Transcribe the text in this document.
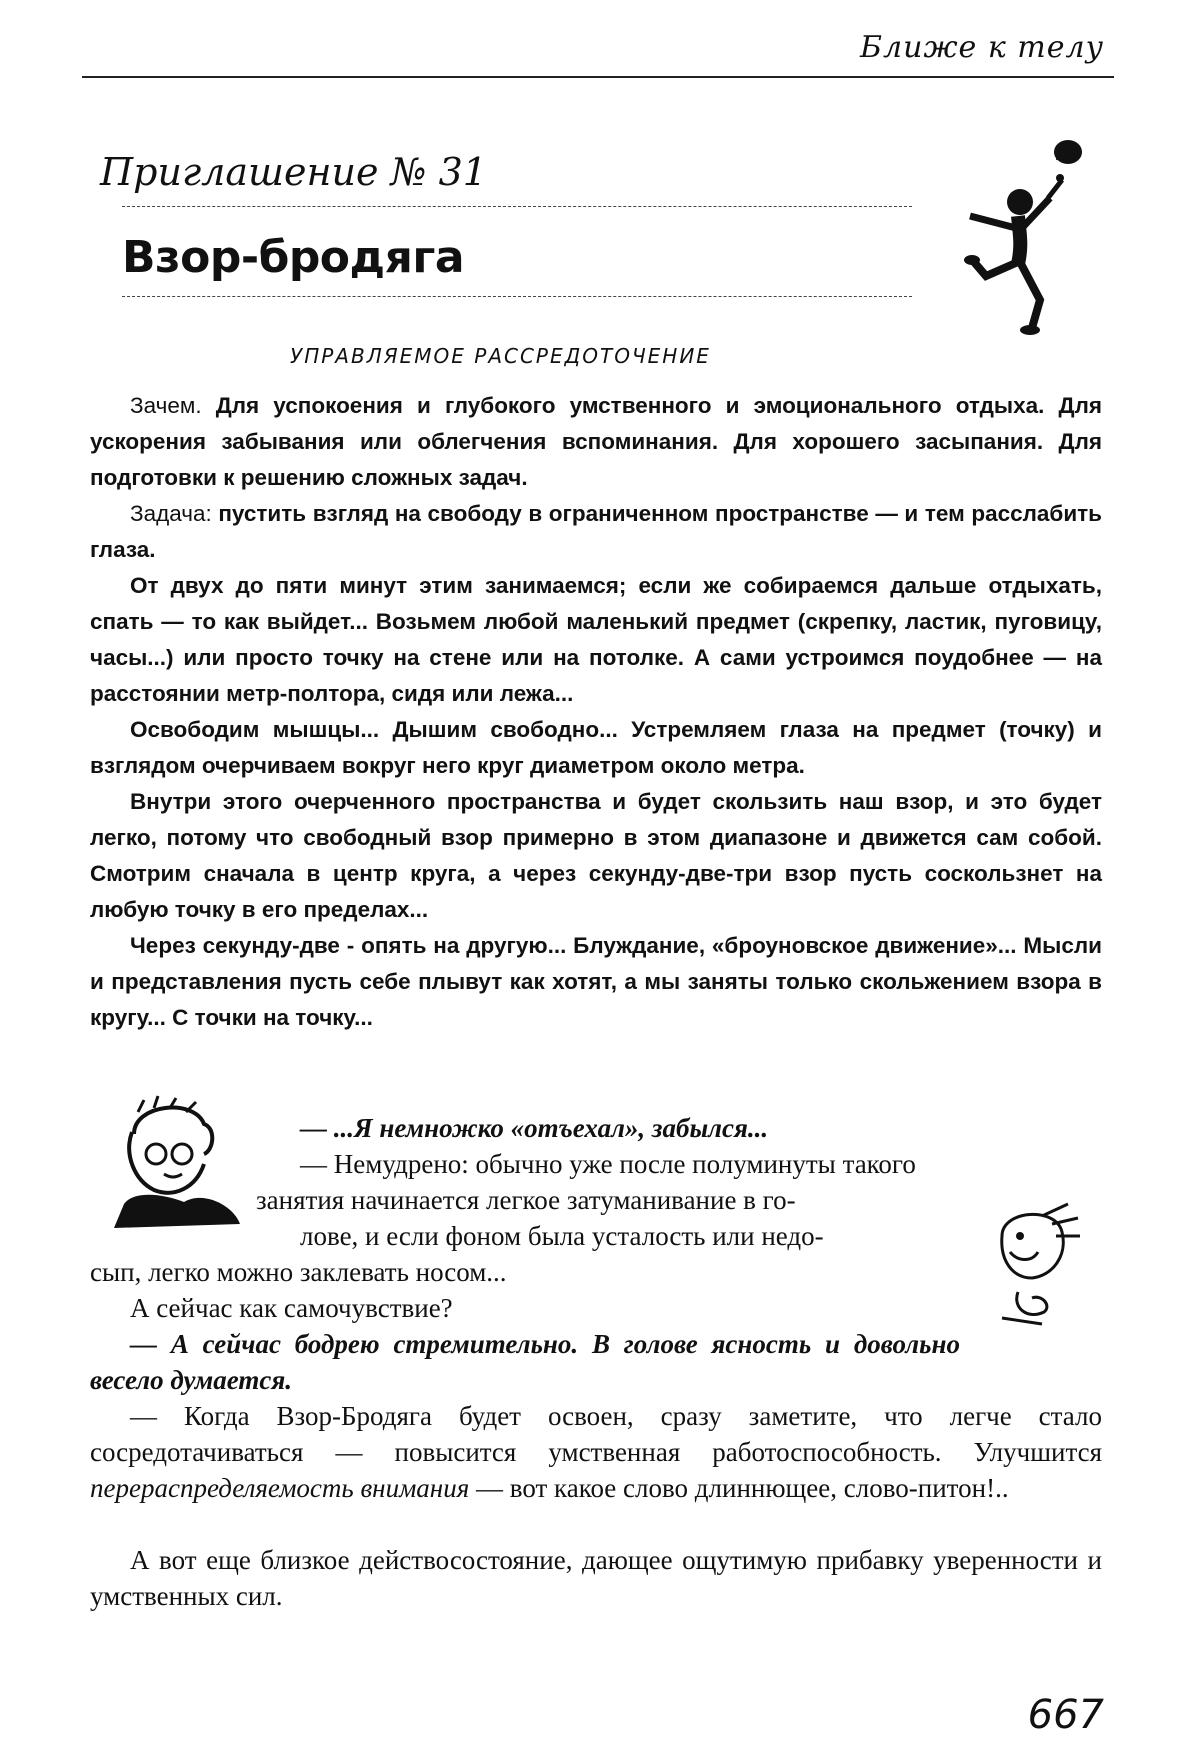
Ближе к телу
Приглашение № 31
Взор-бродяга
УПРАВЛЯЕМОЕ РАССРЕДОТОЧЕНИЕ

Зачем. Для успокоения и глубокого умственного и эмоционального отдыха. Для ускорения забывания или облегчения вспоминания. Для хорошего засыпания. Для подготовки к решению сложных задач.

Задача: пустить взгляд на свободу в ограниченном пространстве — и тем расслабить глаза.

От двух до пяти минут этим занимаемся; если же собираемся дальше отдыхать, спать — то как выйдет... Возьмем любой маленький предмет (скрепку, ластик, пуговицу, часы...) или просто точку на стене или на потолке. А сами устроимся поудобнее — на расстоянии метр-полтора, сидя или лежа...

Освободим мышцы... Дышим свободно... Устремляем глаза на предмет (точку) и взглядом очерчиваем вокруг него круг диаметром около метра.

Внутри этого очерченного пространства и будет скользить наш взор, и это будет легко, потому что свободный взор примерно в этом диапазоне и движется сам собой. Смотрим сначала в центр круга, а через секунду-две-три взор пусть соскользнет на любую точку в его пределах...

Через секунду-две - опять на другую... Блуждание, «броуновское движение»... Мысли и представления пусть себе плывут как хотят, а мы заняты только скольжением взора в кругу... С точки на точку...

— ...Я немножко «отъехал», забылся...
— Немудрено: обычно уже после полуминуты такого
занятия начинается легкое затуманивание в го-
лове, и если фоном была усталость или недо-
сып, легко можно заклевать носом...
А сейчас как самочувствие?
— А сейчас бодрею стремительно. В голове ясность и довольно весело думается.
— Когда Взор-Бродяга будет освоен, сразу заметите, что легче стало сосредотачиваться — повысится умственная работоспособность. Улучшится перераспределяемость внимания — вот какое слово длиннющее, слово-питон!..
А вот еще близкое действосостояние, дающее ощутимую прибавку уверенности и умственных сил.
667
